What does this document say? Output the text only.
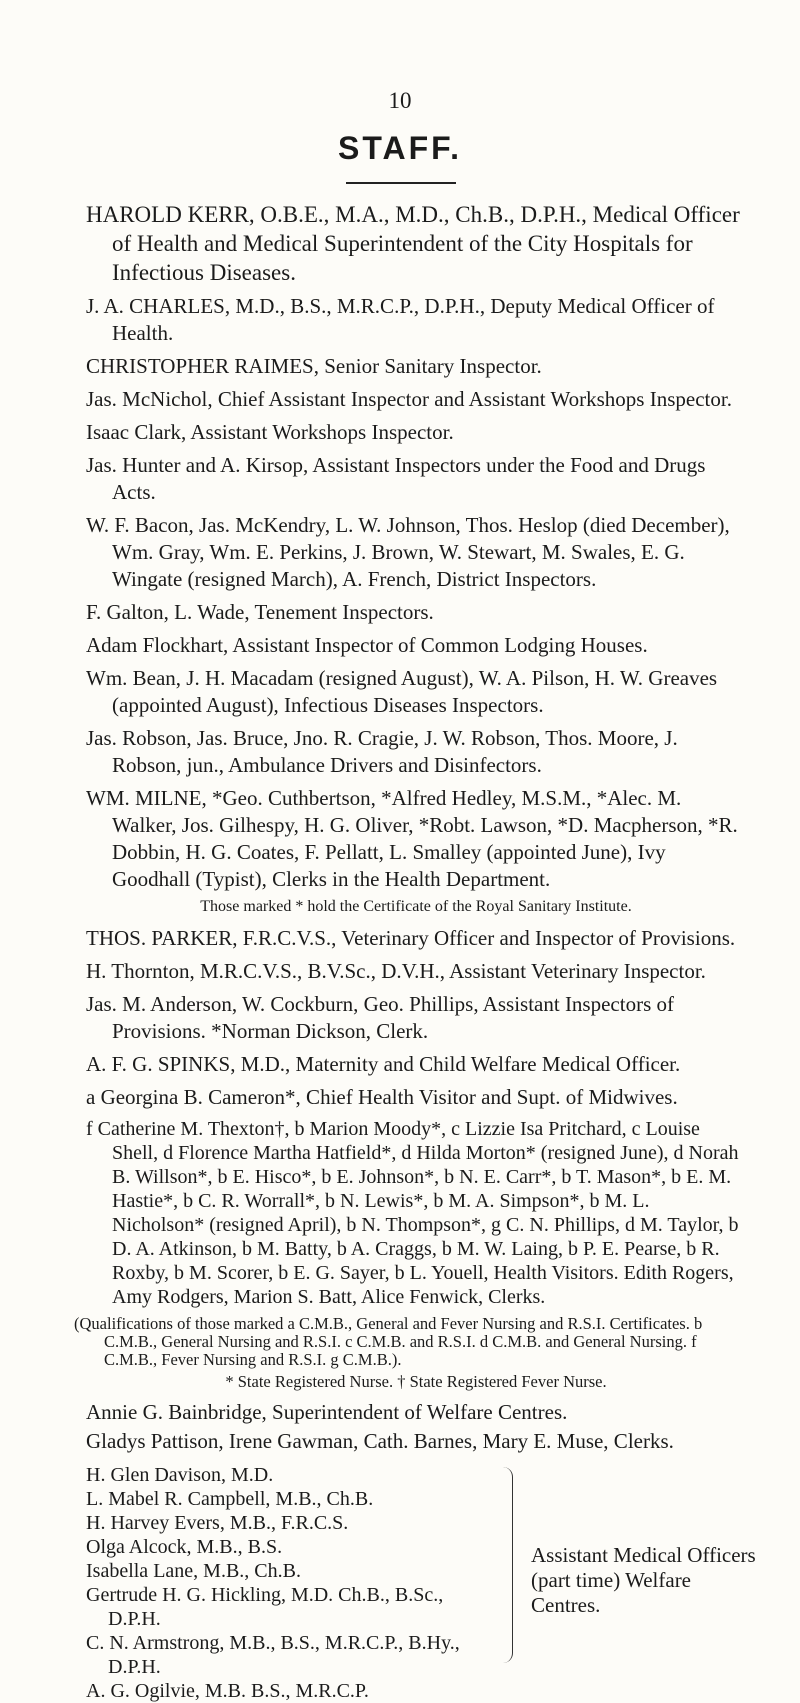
10
STAFF.

HAROLD KERR, O.B.E., M.A., M.D., Ch.B., D.P.H., Medical Officer of Health and Medical Superintendent of the City Hospitals for Infectious Diseases.

J. A. CHARLES, M.D., B.S., M.R.C.P., D.P.H., Deputy Medical Officer of Health.

CHRISTOPHER RAIMES, Senior Sanitary Inspector.

Jas. McNichol, Chief Assistant Inspector and Assistant Workshops Inspector.

Isaac Clark, Assistant Workshops Inspector.

Jas. Hunter and A. Kirsop, Assistant Inspectors under the Food and Drugs Acts.

W. F. Bacon, Jas. McKendry, L. W. Johnson, Thos. Heslop (died December), Wm. Gray, Wm. E. Perkins, J. Brown, W. Stewart, M. Swales, E. G. Wingate (resigned March), A. French, District Inspectors.

F. Galton, L. Wade, Tenement Inspectors.

Adam Flockhart, Assistant Inspector of Common Lodging Houses.

Wm. Bean, J. H. Macadam (resigned August), W. A. Pilson, H. W. Greaves (appointed August), Infectious Diseases Inspectors.

Jas. Robson, Jas. Bruce, Jno. R. Cragie, J. W. Robson, Thos. Moore, J. Robson, jun., Ambulance Drivers and Disinfectors.

WM. MILNE, *Geo. Cuthbertson, *Alfred Hedley, M.S.M., *Alec. M. Walker, Jos. Gilhespy, H. G. Oliver, *Robt. Lawson, *D. Macpherson, *R. Dobbin, H. G. Coates, F. Pellatt, L. Smalley (appointed June), Ivy Goodhall (Typist), Clerks in the Health Department.

Those marked * hold the Certificate of the Royal Sanitary Institute.

THOS. PARKER, F.R.C.V.S., Veterinary Officer and Inspector of Provisions.

H. Thornton, M.R.C.V.S., B.V.Sc., D.V.H., Assistant Veterinary Inspector.

Jas. M. Anderson, W. Cockburn, Geo. Phillips, Assistant Inspectors of Provisions. *Norman Dickson, Clerk.

A. F. G. SPINKS, M.D., Maternity and Child Welfare Medical Officer.

a Georgina B. Cameron*, Chief Health Visitor and Supt. of Midwives.

f Catherine M. Thexton†, b Marion Moody*, c Lizzie Isa Pritchard, c Louise Shell, d Florence Martha Hatfield*, d Hilda Morton* (resigned June), d Norah B. Willson*, b E. Hisco*, b E. Johnson*, b N. E. Carr*, b T. Mason*, b E. M. Hastie*, b C. R. Worrall*, b N. Lewis*, b M. A. Simpson*, b M. L. Nicholson* (resigned April), b N. Thompson*, g C. N. Phillips, d M. Taylor, b D. A. Atkinson, b M. Batty, b A. Craggs, b M. W. Laing, b P. E. Pearse, b R. Roxby, b M. Scorer, b E. G. Sayer, b L. Youell, Health Visitors. Edith Rogers, Amy Rodgers, Marion S. Batt, Alice Fenwick, Clerks.

(Qualifications of those marked a C.M.B., General and Fever Nursing and R.S.I. Certificates. b C.M.B., General Nursing and R.S.I. c C.M.B. and R.S.I. d C.M.B. and General Nursing. f C.M.B., Fever Nursing and R.S.I. g C.M.B.).

* State Registered Nurse. † State Registered Fever Nurse.

Annie G. Bainbridge, Superintendent of Welfare Centres.

Gladys Pattison, Irene Gawman, Cath. Barnes, Mary E. Muse, Clerks.

H. Glen Davison, M.D.
L. Mabel R. Campbell, M.B., Ch.B.
H. Harvey Evers, M.B., F.R.C.S.
Olga Alcock, M.B., B.S.
Isabella Lane, M.B., Ch.B.
Gertrude H. G. Hickling, M.D. Ch.B., B.Sc., D.P.H.
C. N. Armstrong, M.B., B.S., M.R.C.P., B.Hy., D.P.H.
A. G. Ogilvie, M.B. B.S., M.R.C.P.
Assistant Medical Officers (part time) Welfare Centres.
